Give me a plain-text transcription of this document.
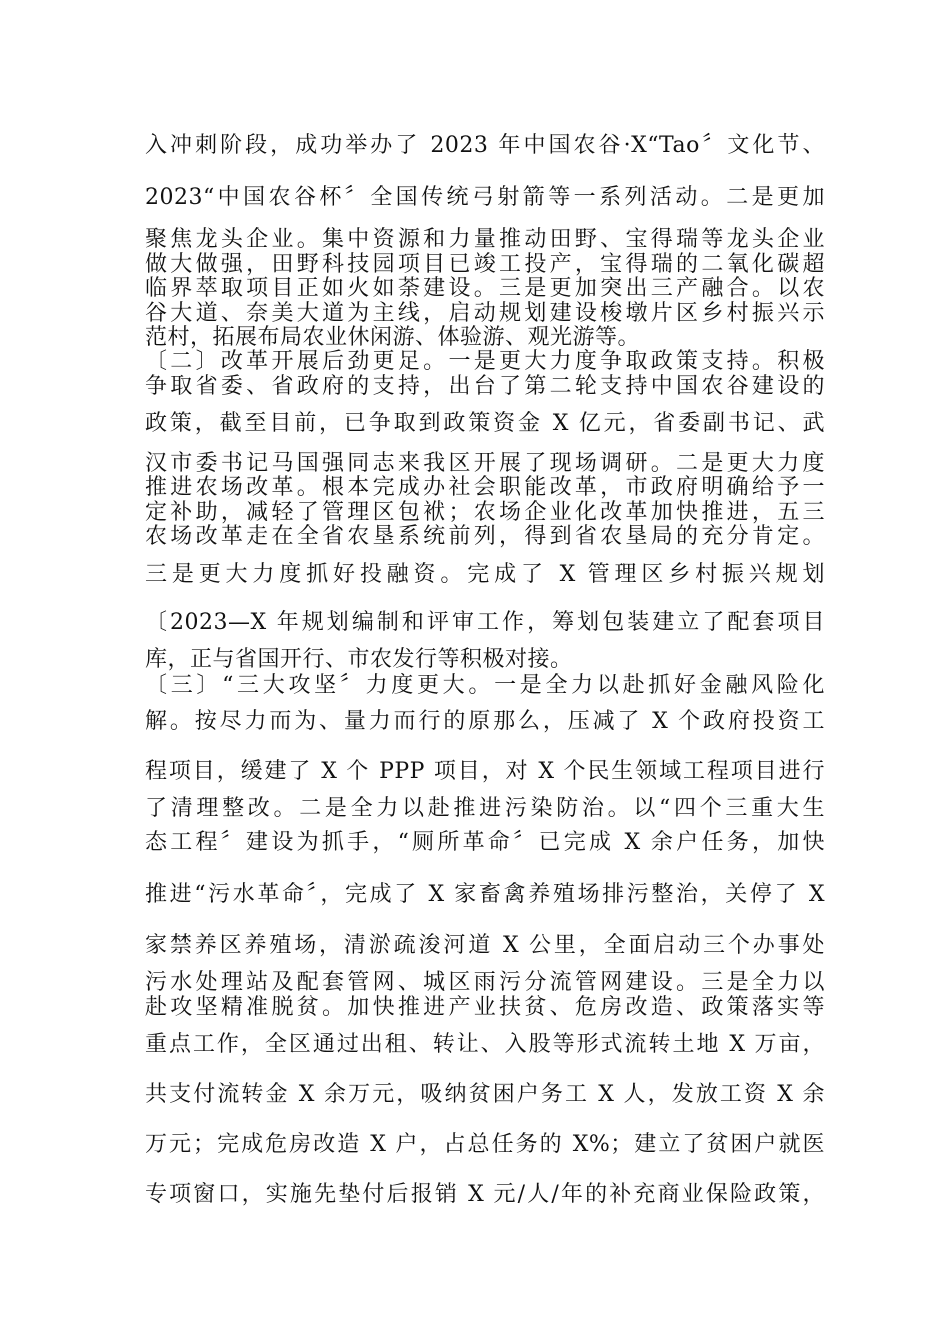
入冲刺阶段，成功举办了 2023 年中国农谷·X“Tao〞文化节、
2023“中国农谷杯〞全国传统弓射箭等一系列活动。二是更加
聚焦龙头企业。集中资源和力量推动田野、宝得瑞等龙头企业
做大做强，田野科技园项目已竣工投产，宝得瑞的二氧化碳超
临界萃取项目正如火如荼建设。三是更加突出三产融合。以农
谷大道、奈美大道为主线，启动规划建设梭墩片区乡村振兴示
范村，拓展布局农业休闲游、体验游、观光游等。
〔二〕改革开展后劲更足。一是更大力度争取政策支持。积极
争取省委、省政府的支持，出台了第二轮支持中国农谷建设的
政策，截至目前，已争取到政策资金 X 亿元，省委副书记、武
汉市委书记马国强同志来我区开展了现场调研。二是更大力度
推进农场改革。根本完成办社会职能改革，市政府明确给予一
定补助，减轻了管理区包袱；农场企业化改革加快推进，五三
农场改革走在全省农垦系统前列，得到省农垦局的充分肯定。
三是更大力度抓好投融资。完成了 X 管理区乡村振兴规划
〔2023—X 年规划编制和评审工作，筹划包装建立了配套项目
库，正与省国开行、市农发行等积极对接。
〔三〕“三大攻坚〞力度更大。一是全力以赴抓好金融风险化
解。按尽力而为、量力而行的原那么，压减了 X 个政府投资工
程项目，缓建了 X 个 PPP 项目，对 X 个民生领域工程项目进行
了清理整改。二是全力以赴推进污染防治。以“四个三重大生
态工程〞建设为抓手，“厕所革命〞已完成 X 余户任务，加快
推进“污水革命〞，完成了 X 家畜禽养殖场排污整治，关停了 X
家禁养区养殖场，清淤疏浚河道 X 公里，全面启动三个办事处
污水处理站及配套管网、城区雨污分流管网建设。三是全力以
赴攻坚精准脱贫。加快推进产业扶贫、危房改造、政策落实等
重点工作，全区通过出租、转让、入股等形式流转土地 X 万亩，
共支付流转金 X 余万元，吸纳贫困户务工 X 人，发放工资 X 余
万元；完成危房改造 X 户，占总任务的 X%；建立了贫困户就医
专项窗口，实施先垫付后报销 X 元/人/年的补充商业保险政策，
